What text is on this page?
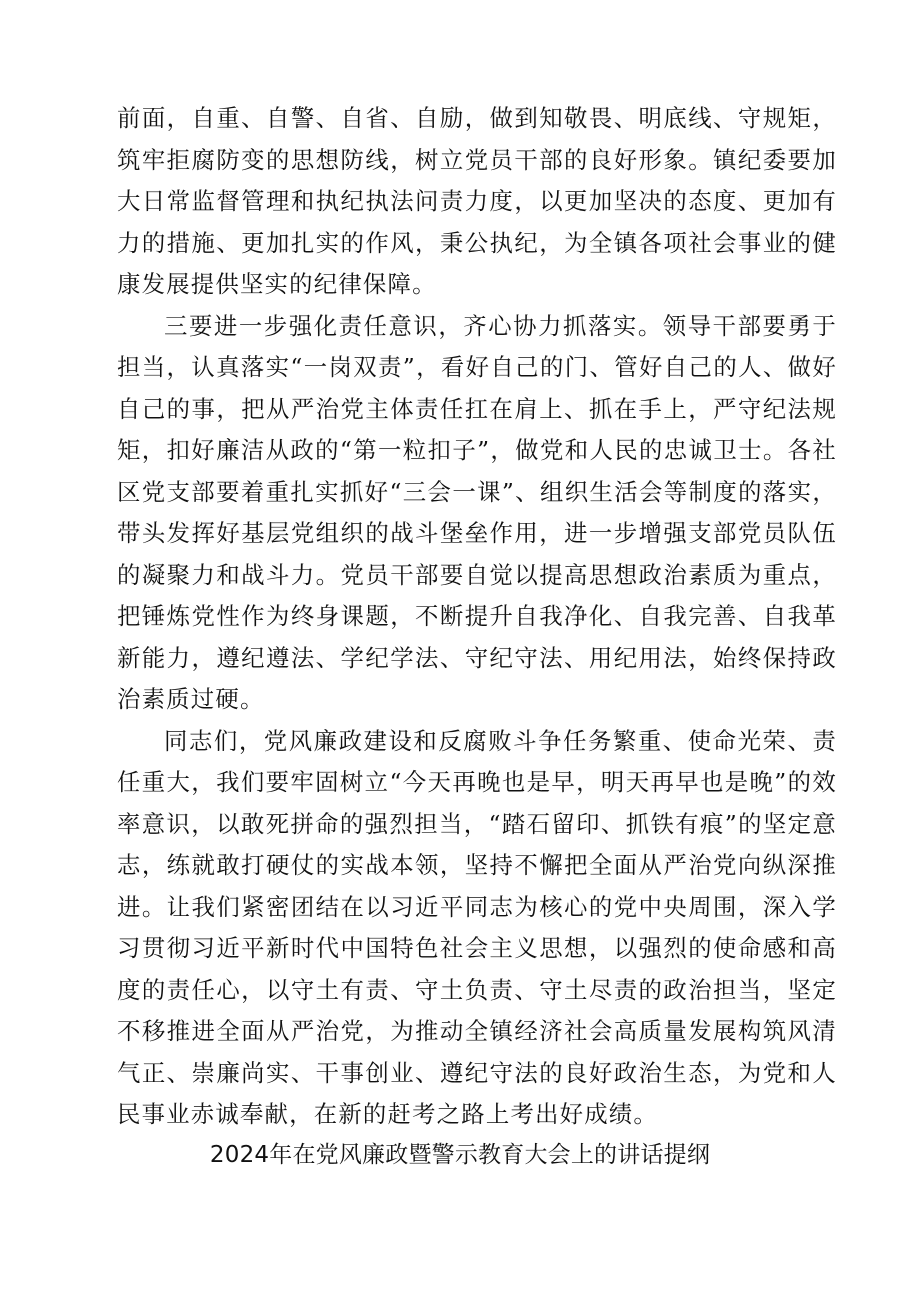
前面，自重、自警、自省、自励，做到知敬畏、明底线、守规矩，筑牢拒腐防变的思想防线，树立党员干部的良好形象。镇纪委要加大日常监督管理和执纪执法问责力度，以更加坚决的态度、更加有力的措施、更加扎实的作风，秉公执纪，为全镇各项社会事业的健康发展提供坚实的纪律保障。

三要进一步强化责任意识，齐心协力抓落实。领导干部要勇于担当，认真落实“一岗双责”，看好自己的门、管好自己的人、做好自己的事，把从严治党主体责任扛在肩上、抓在手上，严守纪法规矩，扣好廉洁从政的“第一粒扣子”，做党和人民的忠诚卫士。各社区党支部要着重扎实抓好“三会一课”、组织生活会等制度的落实，带头发挥好基层党组织的战斗堡垒作用，进一步增强支部党员队伍的凝聚力和战斗力。党员干部要自觉以提高思想政治素质为重点，把锤炼党性作为终身课题，不断提升自我净化、自我完善、自我革新能力，遵纪遵法、学纪学法、守纪守法、用纪用法，始终保持政治素质过硬。

同志们，党风廉政建设和反腐败斗争任务繁重、使命光荣、责任重大，我们要牢固树立“今天再晚也是早，明天再早也是晚”的效率意识，以敢死拼命的强烈担当，“踏石留印、抓铁有痕”的坚定意志，练就敢打硬仗的实战本领，坚持不懈把全面从严治党向纵深推进。让我们紧密团结在以习近平同志为核心的党中央周围，深入学习贯彻习近平新时代中国特色社会主义思想，以强烈的使命感和高度的责任心，以守土有责、守土负责、守土尽责的政治担当，坚定不移推进全面从严治党，为推动全镇经济社会高质量发展构筑风清气正、崇廉尚实、干事创业、遵纪守法的良好政治生态，为党和人民事业赤诚奉献，在新的赶考之路上考出好成绩。

2024年在党风廉政暨警示教育大会上的讲话提纲
